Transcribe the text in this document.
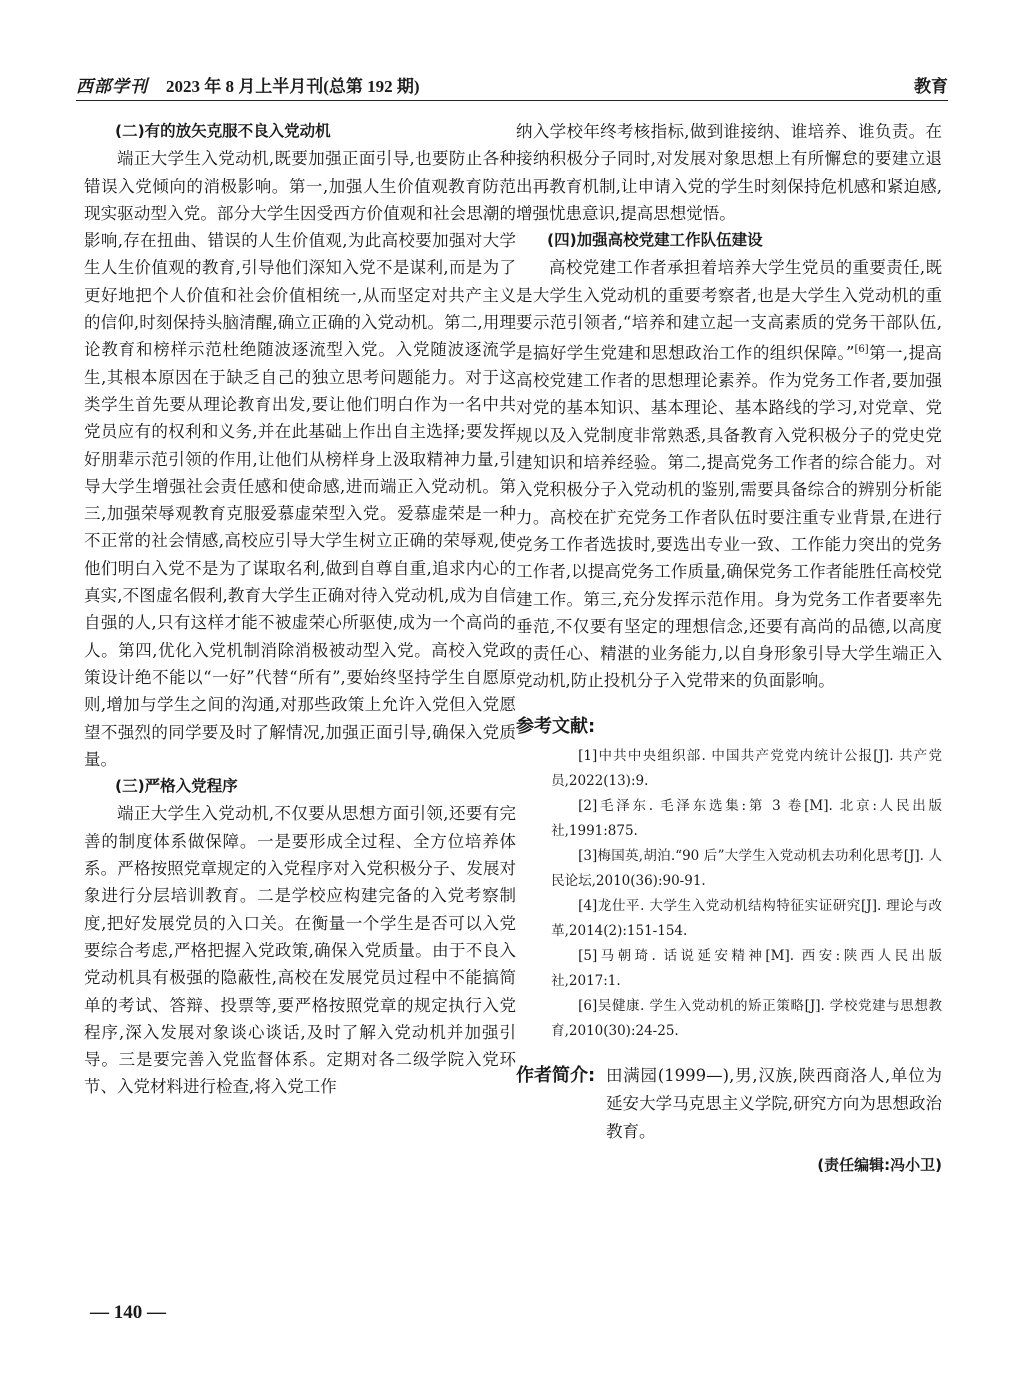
西部学刊 2023 年 8 月上半月刊(总第 192 期)	教育
(二)有的放矢克服不良入党动机

端正大学生入党动机,既要加强正面引导,也要防止各种错误入党倾向的消极影响。第一,加强人生价值观教育防范现实驱动型入党。部分大学生因受西方价值观和社会思潮的影响,存在扭曲、错误的人生价值观,为此高校要加强对大学生人生价值观的教育,引导他们深知入党不是谋利,而是为了更好地把个人价值和社会价值相统一,从而坚定对共产主义的信仰,时刻保持头脑清醒,确立正确的入党动机。第二,用理论教育和榜样示范杜绝随波逐流型入党。入党随波逐流学生,其根本原因在于缺乏自己的独立思考问题能力。对于这类学生首先要从理论教育出发,要让他们明白作为一名中共党员应有的权利和义务,并在此基础上作出自主选择;要发挥好朋辈示范引领的作用,让他们从榜样身上汲取精神力量,引导大学生增强社会责任感和使命感,进而端正入党动机。第三,加强荣辱观教育克服爱慕虚荣型入党。爱慕虚荣是一种不正常的社会情感,高校应引导大学生树立正确的荣辱观,使他们明白入党不是为了谋取名利,做到自尊自重,追求内心的真实,不图虚名假利,教育大学生正确对待入党动机,成为自信自强的人,只有这样才能不被虚荣心所驱使,成为一个高尚的人。第四,优化入党机制消除消极被动型入党。高校入党政策设计绝不能以“一好”代替“所有”,要始终坚持学生自愿原则,增加与学生之间的沟通,对那些政策上允许入党但入党愿望不强烈的同学要及时了解情况,加强正面引导,确保入党质量。

(三)严格入党程序

端正大学生入党动机,不仅要从思想方面引领,还要有完善的制度体系做保障。一是要形成全过程、全方位培养体系。严格按照党章规定的入党程序对入党积极分子、发展对象进行分层培训教育。二是学校应构建完备的入党考察制度,把好发展党员的入口关。在衡量一个学生是否可以入党要综合考虑,严格把握入党政策,确保入党质量。由于不良入党动机具有极强的隐蔽性,高校在发展党员过程中不能搞简单的考试、答辩、投票等,要严格按照党章的规定执行入党程序,深入发展对象谈心谈话,及时了解入党动机并加强引导。三是要完善入党监督体系。定期对各二级学院入党环节、入党材料进行检查,将入党工作

纳入学校年终考核指标,做到谁接纳、谁培养、谁负责。在接纳积极分子同时,对发展对象思想上有所懈怠的要建立退出再教育机制,让申请入党的学生时刻保持危机感和紧迫感,增强忧患意识,提高思想觉悟。

(四)加强高校党建工作队伍建设

高校党建工作者承担着培养大学生党员的重要责任,既是大学生入党动机的重要考察者,也是大学生入党动机的重要示范引领者,“培养和建立起一支高素质的党务干部队伍,是搞好学生党建和思想政治工作的组织保障。”[6]第一,提高高校党建工作者的思想理论素养。作为党务工作者,要加强对党的基本知识、基本理论、基本路线的学习,对党章、党规以及入党制度非常熟悉,具备教育入党积极分子的党史党建知识和培养经验。第二,提高党务工作者的综合能力。对入党积极分子入党动机的鉴别,需要具备综合的辨别分析能力。高校在扩充党务工作者队伍时要注重专业背景,在进行党务工作者选拔时,要选出专业一致、工作能力突出的党务工作者,以提高党务工作质量,确保党务工作者能胜任高校党建工作。第三,充分发挥示范作用。身为党务工作者要率先垂范,不仅要有坚定的理想信念,还要有高尚的品德,以高度的责任心、精湛的业务能力,以自身形象引导大学生端正入党动机,防止投机分子入党带来的负面影响。

参考文献:

[1]中共中央组织部. 中国共产党党内统计公报[J]. 共产党员,2022(13):9.

[2]毛泽东. 毛泽东选集:第 3 卷[M]. 北京:人民出版社,1991:875.

[3]梅国英,胡泊.“90 后”大学生入党动机去功利化思考[J]. 人民论坛,2010(36):90-91.

[4]龙仕平. 大学生入党动机结构特征实证研究[J]. 理论与改革,2014(2):151-154.

[5]马朝琦. 话说延安精神[M]. 西安:陕西人民出版社,2017:1.

[6]吴健康. 学生入党动机的矫正策略[J]. 学校党建与思想教育,2010(30):24-25.

作者简介: 田满园(1999—),男,汉族,陕西商洛人,单位为延安大学马克思主义学院,研究方向为思想政治教育。
(责任编辑:冯小卫)
— 140 —
